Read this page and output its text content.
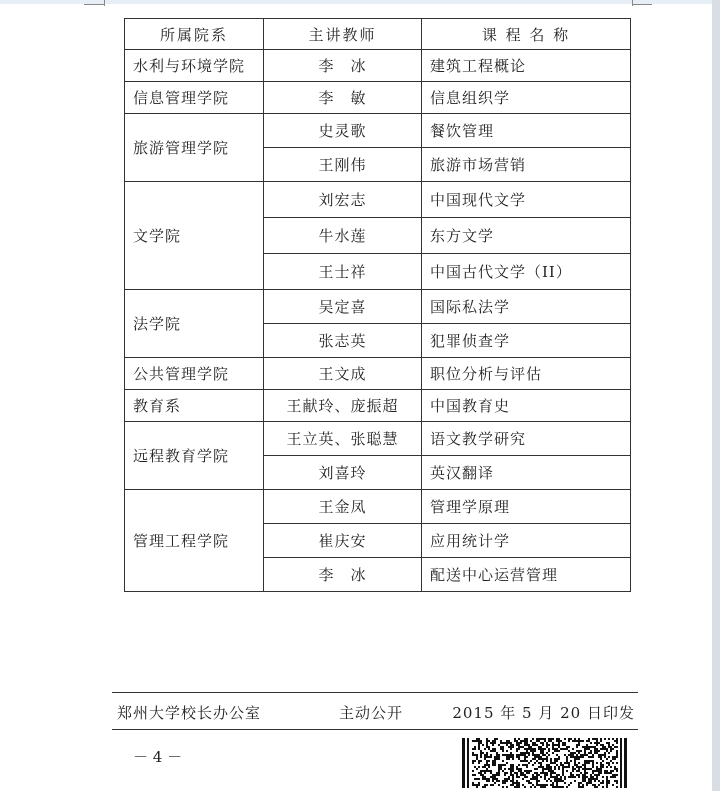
所属院系	主讲教师	课 程 名 称
水利与环境学院	李　冰	建筑工程概论
信息管理学院	李　敏	信息组织学
旅游管理学院	史灵歌	餐饮管理
	王刚伟	旅游市场营销
文学院	刘宏志	中国现代文学
	牛水莲	东方文学
	王士祥	中国古代文学（II）
法学院	吴定喜	国际私法学
	张志英	犯罪侦查学
公共管理学院	王文成	职位分析与评估
教育系	王献玲、庞振超	中国教育史
远程教育学院	王立英、张聪慧	语文教学研究
	刘喜玲	英汉翻译
管理工程学院	王金凤	管理学原理
	崔庆安	应用统计学
	李　冰	配送中心运营管理
郑州大学校长办公室	主动公开	2015 年 5 月 20 日印发
－ 4 －
